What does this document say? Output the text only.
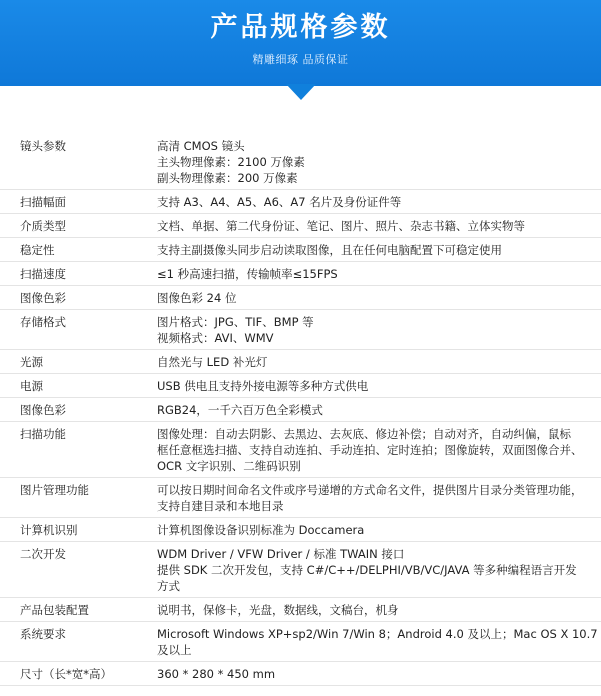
产品规格参数
精雕细琢 品质保证
镜头参数	高清 CMOS 镜头
主头物理像素：2100 万像素
副头物理像素：200 万像素
扫描幅面	支持 A3、A4、A5、A6、A7 名片及身份证件等
介质类型	文档、单据、第二代身份证、笔记、图片、照片、杂志书籍、立体实物等
稳定性	支持主副摄像头同步启动读取图像，且在任何电脑配置下可稳定使用
扫描速度	≤1 秒高速扫描，传输帧率≤15FPS
图像色彩	图像色彩 24 位
存储格式	图片格式：JPG、TIF、BMP 等
视频格式：AVI、WMV
光源	自然光与 LED 补光灯
电源	USB 供电且支持外接电源等多种方式供电
图像色彩	RGB24，一千六百万色全彩模式
扫描功能	图像处理：自动去阴影、去黑边、去灰底、修边补偿；自动对齐，自动纠偏，鼠标
框任意框选扫描、支持自动连拍、手动连拍、定时连拍；图像旋转，双面图像合并、
OCR 文字识别、二维码识别
图片管理功能	可以按日期时间命名文件或序号递增的方式命名文件，提供图片目录分类管理功能，
支持自建目录和本地目录
计算机识别	计算机图像设备识别标准为 Doccamera
二次开发	WDM Driver / VFW Driver / 标准 TWAIN 接口
提供 SDK 二次开发包，支持 C#/C++/DELPHI/VB/VC/JAVA 等多种编程语言开发
方式
产品包装配置	说明书，保修卡，光盘，数据线，文稿台，机身
系统要求	Microsoft Windows XP+sp2/Win 7/Win 8；Android 4.0 及以上；Mac OS X 10.7
及以上
尺寸（长*宽*高）	360 * 280 * 450 mm
